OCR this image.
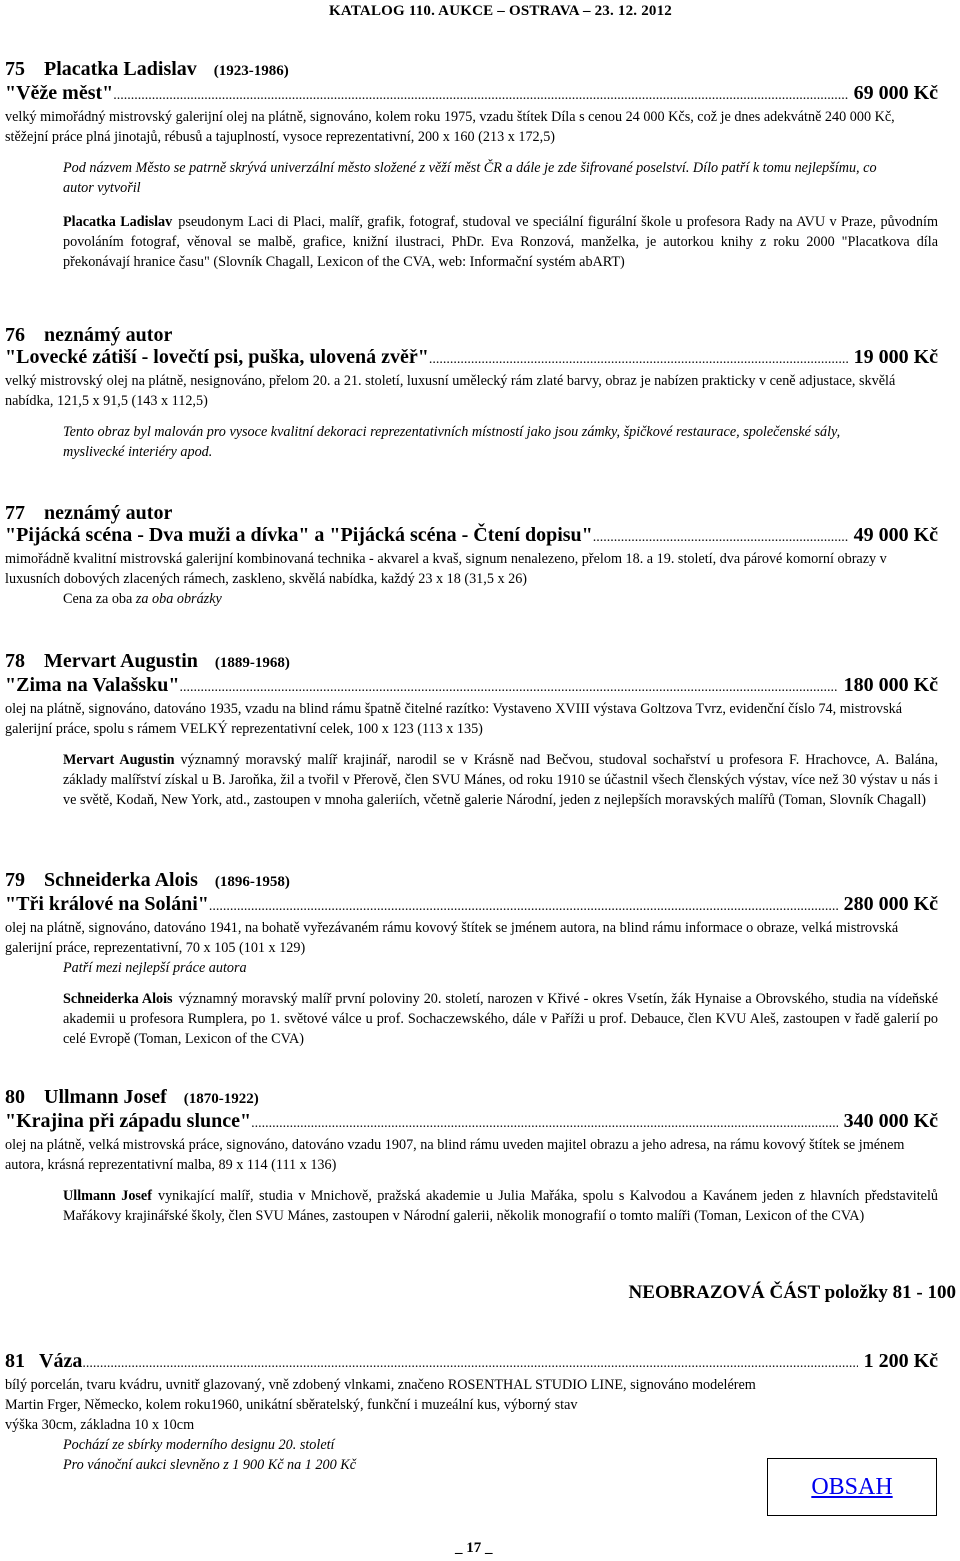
KATALOG 110. AUKCE – OSTRAVA – 23. 12. 2012
75 Placatka Ladislav (1923-1986)
"Věže měst" .....	69 000 Kč

velký mimořádný mistrovský galerijní olej na plátně, signováno, kolem roku 1975, vzadu štítek Díla s cenou 24 000 Kčs, což je dnes adekvátně 240 000 Kč, stěžejní práce plná jinotajů, rébusů a tajuplností, vysoce reprezentativní, 200 x 160 (213 x 172,5)

Pod názvem Město se patrně skrývá univerzální město složené z věží měst ČR a dále je zde šifrované poselství. Dílo patří k tomu nejlepšímu, co autor vytvořil
Placatka Ladislav pseudonym Laci di Placi, malíř, grafik, fotograf, studoval ve speciální figurální škole u profesora Rady na AVU v Praze, původním povoláním fotograf, věnoval se malbě, grafice, knižní ilustraci, PhDr. Eva Ronzová, manželka, je autorkou knihy z roku 2000 "Placatkova díla překonávají hranice času" (Slovník Chagall, Lexicon of the CVA, web: Informační systém abART)
76 neznámý autor
"Lovecké zátiší - lovečtí psi, puška, ulovená zvěř" .....	19 000 Kč

velký mistrovský olej na plátně, nesignováno, přelom 20. a 21. století, luxusní umělecký rám zlaté barvy, obraz je nabízen prakticky v ceně adjustace, skvělá nabídka, 121,5 x 91,5 (143 x 112,5)

Tento obraz byl malován pro vysoce kvalitní dekoraci reprezentativních místností jako jsou zámky, špičkové restaurace, společenské sály, myslivecké interiéry apod.
77 neznámý autor
"Pijácká scéna - Dva muži a dívka" a "Pijácká scéna - Čtení dopisu" .....	49 000 Kč

mimořádně kvalitní mistrovská galerijní kombinovaná technika - akvarel a kvaš, signum nenalezeno, přelom 18. a 19. století, dva párové komorní obrazy v luxusních dobových zlacených rámech, zaskleno, skvělá nabídka, každý 23 x 18 (31,5 x 26)

Cena za oba za oba obrázky
78 Mervart Augustin (1889-1968)
"Zima na Valašsku" .....	180 000 Kč

olej na plátně, signováno, datováno 1935, vzadu na blind rámu špatně čitelné razítko: Vystaveno XVIII výstava Goltzova Tvrz, evidenční číslo 74, mistrovská galerijní práce, spolu s rámem VELKÝ reprezentativní celek, 100 x 123 (113 x 135)

Mervart Augustin významný moravský malíř krajinář, narodil se v Krásně nad Bečvou, studoval sochařství u profesora F. Hrachovce, A. Balána, základy malířství získal u B. Jaroňka, žil a tvořil v Přerově, člen SVU Mánes, od roku 1910 se účastnil všech členských výstav, více než 30 výstav u nás i ve světě, Kodaň, New York, atd., zastoupen v mnoha galeriích, včetně galerie Národní, jeden z nejlepších moravských malířů (Toman, Slovník Chagall)
79 Schneiderka Alois (1896-1958)
"Tři králové na Soláni" .....	280 000 Kč

olej na plátně, signováno, datováno 1941, na bohatě vyřezávaném rámu kovový štítek se jménem autora, na blind rámu informace o obraze, velká mistrovská galerijní práce, reprezentativní, 70 x 105 (101 x 129)

Patří mezi nejlepší práce autora
Schneiderka Alois významný moravský malíř první poloviny 20. století, narozen v Křivé - okres Vsetín, žák Hynaise a Obrovského, studia na vídeňské akademii u profesora Rumplera, po 1. světové válce u prof. Sochaczewského, dále v Paříži u prof. Debauce, člen KVU Aleš, zastoupen v řadě galerií po celé Evropě (Toman, Lexicon of the CVA)
80 Ullmann Josef (1870-1922)
"Krajina při západu slunce" .....	340 000 Kč

olej na plátně, velká mistrovská práce, signováno, datováno vzadu 1907, na blind rámu uveden majitel obrazu a jeho adresa, na rámu kovový štítek se jménem autora, krásná reprezentativní malba, 89 x 114 (111 x 136)

Ullmann Josef vynikající malíř, studia v Mnichově, pražská akademie u Julia Mařáka, spolu s Kalvodou a Kavánem jeden z hlavních představitelů Mařákovy krajinářské školy, člen SVU Mánes, zastoupen v Národní galerii, několik monografií o tomto malíři (Toman, Lexicon of the CVA)
NEOBRAZOVÁ ČÁST položky 81 - 100
81 Váza .....	1 200 Kč
bílý porcelán, tvaru kvádru, uvnitř glazovaný, vně zdobený vlnkami, značeno ROSENTHAL STUDIO LINE, signováno modelérem
Martin Frger, Německo, kolem roku1960, unikátní sběratelský, funkční i muzeální kus, výborný stav
výška 30cm, základna 10 x 10cm
Pochází ze sbírky moderního designu 20. století
Pro vánoční aukci slevněno z 1 900 Kč na 1 200 Kč
OBSAH
_ 17 _
